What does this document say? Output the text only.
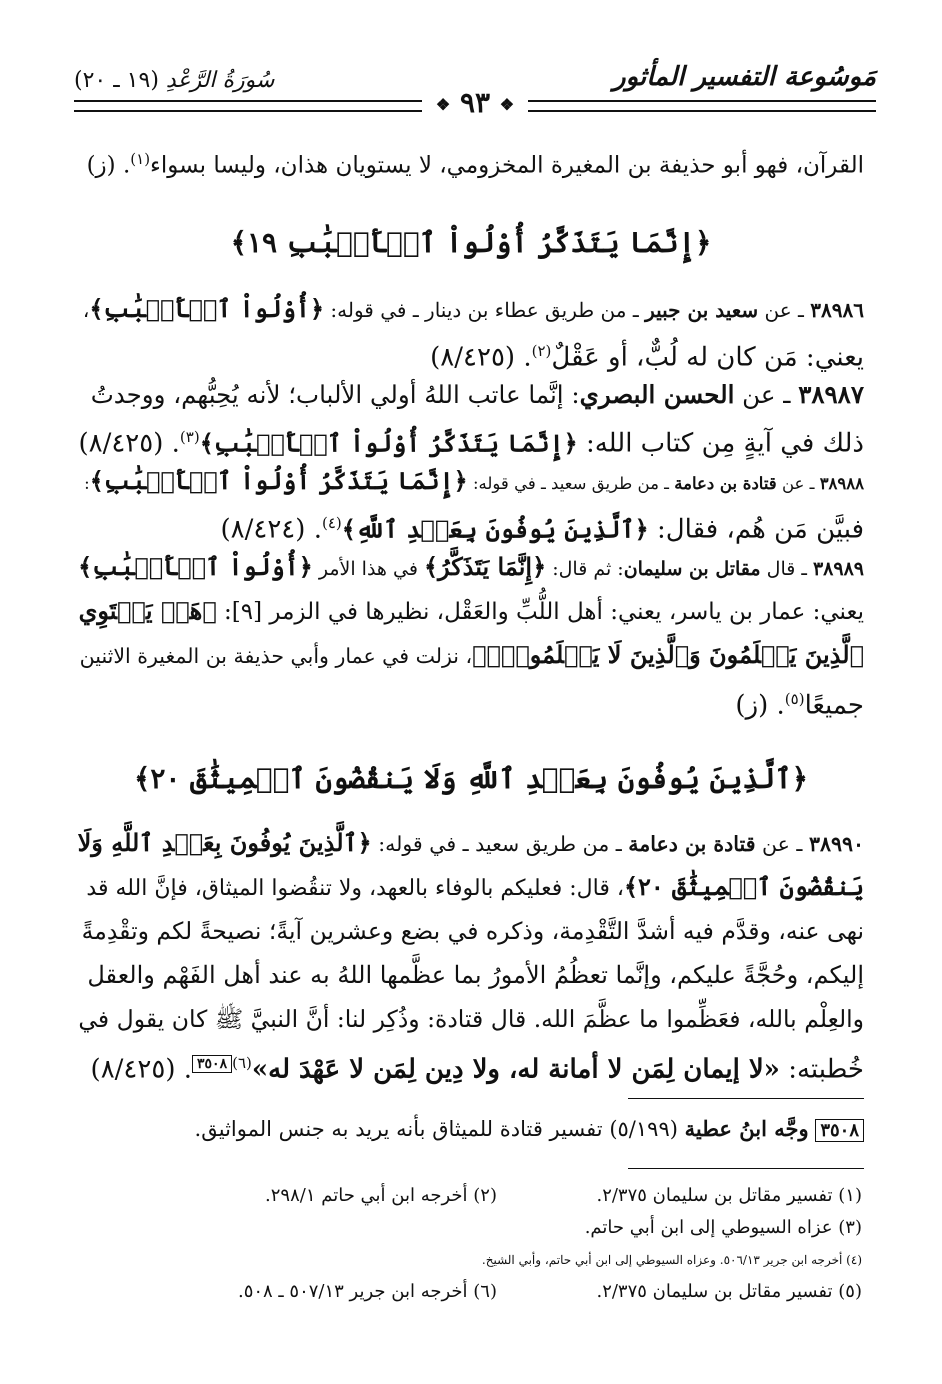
مَوسُوعة التفسير المأثور
سُورَةُ الرَّعْدِ (١٩ ـ ٢٠)
❖ ٩٣ ❖
القرآن، فهو أبو حذيفة بن المغيرة المخزومي، لا يستويان هذان، وليسا بسواء$^{(١)}$. (ز)
﴿إِنَّمَا يَتَذَكَّرُ أُوْلُواْ ٱلۡأَلۡبَٰبِ ١٩﴾
٣٨٩٨٦ ـ عن سعيد بن جبير ـ من طريق عطاء بن دينار ـ في قوله: ﴿أُوْلُواْ ٱلۡأَلۡبَٰبِ﴾،
يعني: مَن كان له لُبٌّ، أو عَقْلٌ$^{(٢)}$. (٨/٤٢٥)
٣٨٩٨٧ ـ عن الحسن البصري: إنَّما عاتب اللهُ أولي الألباب؛ لأنه يُحِبُّهم، ووجدتُ
ذلك في آيةٍ مِن كتاب الله: ﴿إِنَّمَا يَتَذَكَّرُ أُوْلُواْ ٱلۡأَلۡبَٰبِ﴾$^{(٣)}$. (٨/٤٢٥)
٣٨٩٨٨ ـ عن قتادة بن دعامة ـ من طريق سعيد ـ في قوله: ﴿إِنَّمَا يَتَذَكَّرُ أُوْلُواْ ٱلۡأَلۡبَٰبِ﴾:
فبيَّن مَن هُم، فقال: ﴿ٱلَّذِينَ يُوفُونَ بِعَهۡدِ ٱللَّهِ﴾$^{(٤)}$. (٨/٤٢٤)
٣٨٩٨٩ ـ قال مقاتل بن سليمان: ثم قال: ﴿إِنَّمَا يَتَذَكَّرُ﴾ في هذا الأمر ﴿أُوْلُواْ ٱلۡأَلۡبَٰبِ﴾
يعني: عمار بن ياسر، يعني: أهل اللُّبِّ والعَقْل، نظيرها في الزمر [٩]: ﴿هَلۡ يَسۡتَوِي
ٱلَّذِينَ يَعۡلَمُونَ وَٱلَّذِينَ لَا يَعۡلَمُونَۗ﴾، نزلت في عمار وأبي حذيفة بن المغيرة الاثنين
جميعًا$^{(٥)}$. (ز)
﴿ٱلَّذِينَ يُوفُونَ بِعَهۡدِ ٱللَّهِ وَلَا يَنقُضُونَ ٱلۡمِيثَٰقَ ٢٠﴾
٣٨٩٩٠ ـ عن قتادة بن دعامة ـ من طريق سعيد ـ في قوله: ﴿ٱلَّذِينَ يُوفُونَ بِعَهۡدِ ٱللَّهِ وَلَا
يَنقُضُونَ ٱلۡمِيثَٰقَ ٢٠﴾، قال: فعليكم بالوفاء بالعهد، ولا تنقُضوا الميثاق، فإنَّ الله قد
نهى عنه، وقدَّم فيه أشدَّ التَّقْدِمة، وذكره في بضع وعشرين آيةً؛ نصيحةً لكم وتقْدِمةً
إليكم، وحُجَّةً عليكم، وإنَّما تعظُمُ الأمورُ بما عظَّمها اللهُ به عند أهل الفَهْم والعقل
والعِلْم بالله، فعَظِّموا ما عظَّمَ الله. قال قتادة: وذُكِر لنا: أنَّ النبيَّ ﷺ كان يقول في
خُطبته: «لا إيمان لِمَن لا أمانة له، ولا دِين لِمَن لا عَهْدَ له»$^{(٦)٣٥٠٨}$. (٨/٤٢٥)
٣٥٠٨ وجَّه ابنُ عطية (٥/١٩٩) تفسير قتادة للميثاق بأنه يريد به جنس المواثيق.
(١) تفسير مقاتل بن سليمان ٢/٣٧٥.
(٢) أخرجه ابن أبي حاتم ٢٩٨/١.
(٣) عزاه السيوطي إلى ابن أبي حاتم.
(٤) أخرجه ابن جرير ٥٠٦/١٣. وعزاه السيوطي إلى ابن أبي حاتم، وأبي الشيخ.
(٥) تفسير مقاتل بن سليمان ٢/٣٧٥.
(٦) أخرجه ابن جرير ٥٠٧/١٣ ـ ٥٠٨.
